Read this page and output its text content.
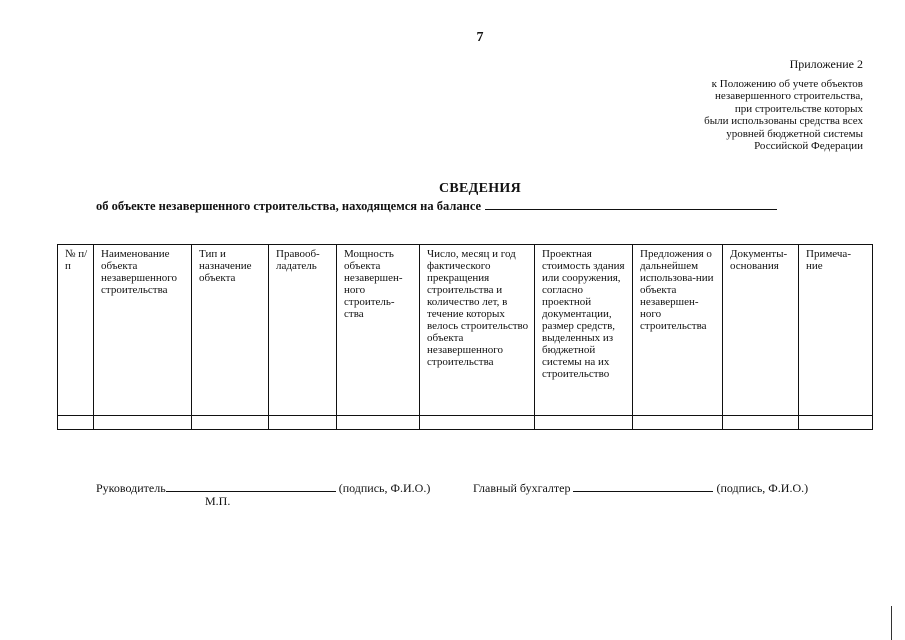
7
Приложение 2
к Положению об учете объектов
незавершенного строительства,
при строительстве которых
были использованы средства всех
уровней бюджетной системы
Российской Федерации
СВЕДЕНИЯ
об объекте незавершенного строительства, находящемся на балансе
№ п/п	Наименование объекта незавершенного строительства	Тип и назначение объекта	Правооб-ладатель	Мощность объекта незавершен-ного строитель-ства	Число, месяц и год фактического прекращения строительства и количество лет, в течение которых велось строительство объекта незавершенного строительства	Проектная стоимость здания или сооружения, согласно проектной документации, размер средств, выделенных из бюджетной системы на их строительство	Предложения о дальнейшем использова-нии объекта незавершен-ного строительства	Документы-основания	Примеча-ние

Руководитель	(подпись, Ф.И.О.)	Главный бухгалтер	(подпись, Ф.И.О.)
М.П.
